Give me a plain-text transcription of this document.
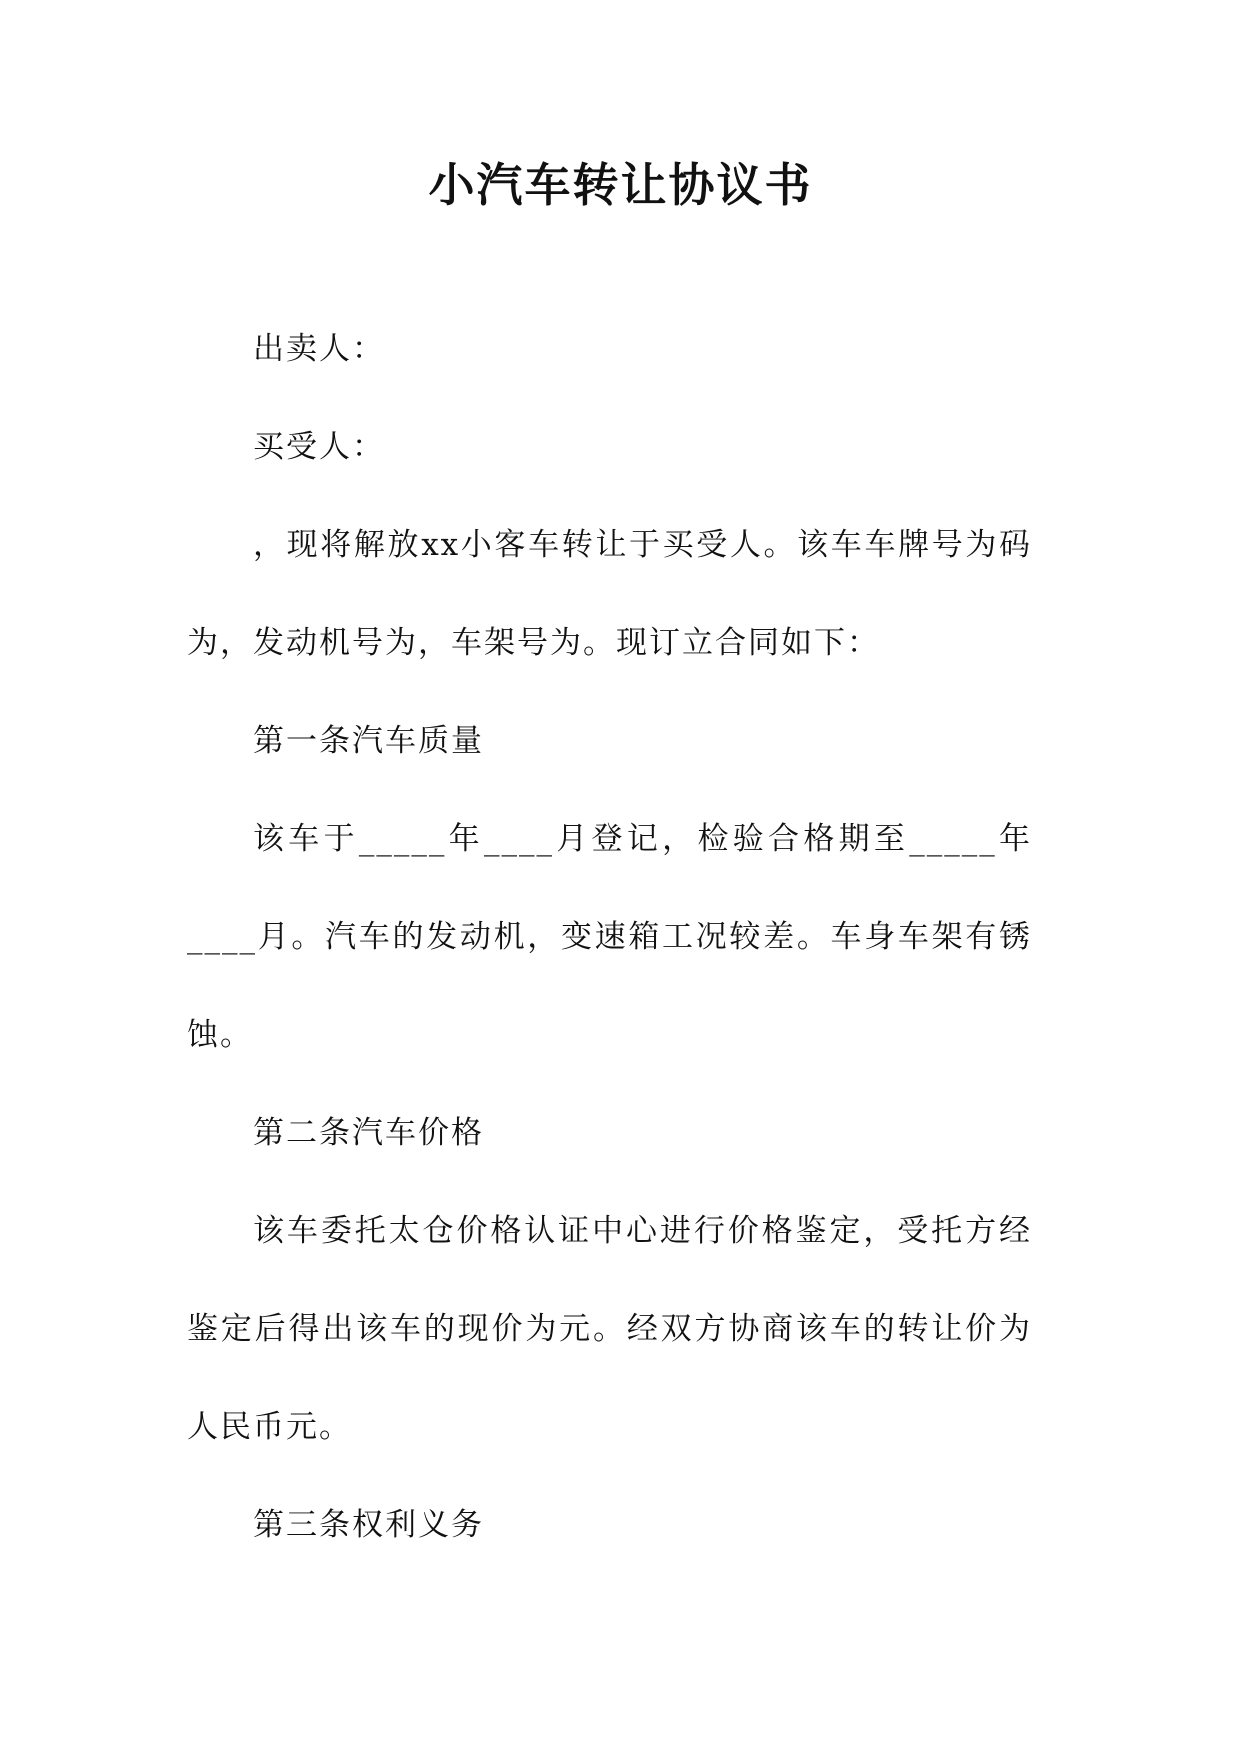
小汽车转让协议书

出卖人：

买受人：

，现将解放xx小客车转让于买受人。该车车牌号为码为，发动机号为，车架号为。现订立合同如下：

第一条汽车质量

该车于_____年____月登记，检验合格期至_____年____月。汽车的发动机，变速箱工况较差。车身车架有锈蚀。

第二条汽车价格

该车委托太仓价格认证中心进行价格鉴定，受托方经鉴定后得出该车的现价为元。经双方协商该车的转让价为人民币元。

第三条权利义务
